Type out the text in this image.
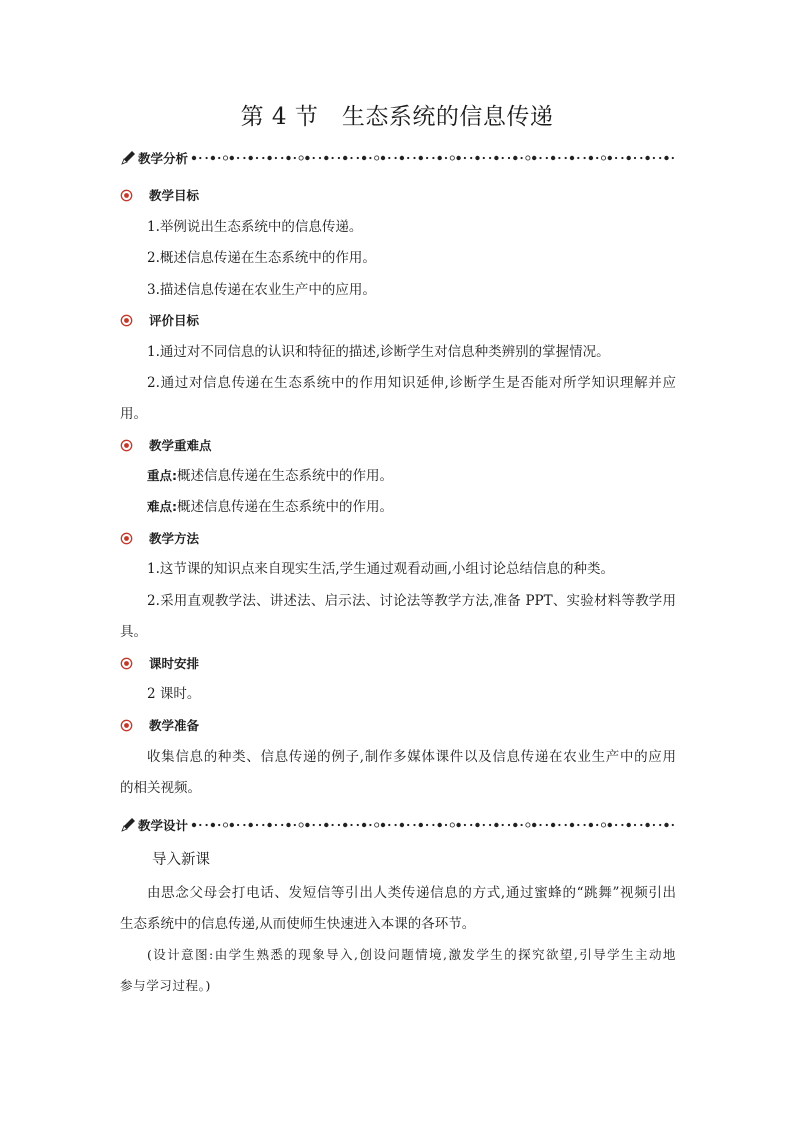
第 4 节　生态系统的信息传递
教学分析
教学目标
1.举例说出生态系统中的信息传递。
2.概述信息传递在生态系统中的作用。
3.描述信息传递在农业生产中的应用。
评价目标
1.通过对不同信息的认识和特征的描述,诊断学生对信息种类辨别的掌握情况。
2.通过对信息传递在生态系统中的作用知识延伸,诊断学生是否能对所学知识理解并应
用。
教学重难点
重点:概述信息传递在生态系统中的作用。
难点:概述信息传递在生态系统中的作用。
教学方法
1.这节课的知识点来自现实生活,学生通过观看动画,小组讨论总结信息的种类。
2.采用直观教学法、讲述法、启示法、讨论法等教学方法,准备 PPT、实验材料等教学用
具。
课时安排
2 课时。
教学准备
收集信息的种类、信息传递的例子,制作多媒体课件以及信息传递在农业生产中的应用
的相关视频。
教学设计
导入新课
由思念父母会打电话、发短信等引出人类传递信息的方式,通过蜜蜂的“跳舞”视频引出
生态系统中的信息传递,从而使师生快速进入本课的各环节。
(设计意图:由学生熟悉的现象导入,创设问题情境,激发学生的探究欲望,引导学生主动地
参与学习过程。)
